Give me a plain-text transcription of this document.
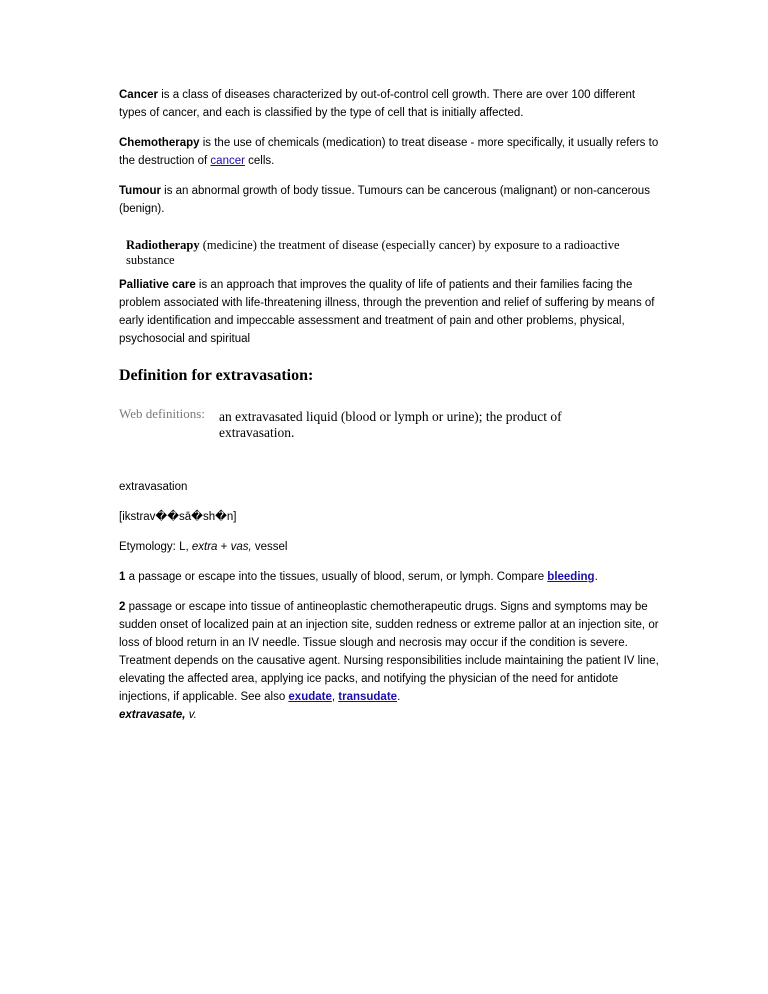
Cancer is a class of diseases characterized by out-of-control cell growth. There are over 100 different types of cancer, and each is classified by the type of cell that is initially affected.

Chemotherapy is the use of chemicals (medication) to treat disease - more specifically, it usually refers to the destruction of cancer cells.

Tumour is an abnormal growth of body tissue. Tumours can be cancerous (malignant) or non-cancerous (benign).

Radiotherapy (medicine) the treatment of disease (especially cancer) by exposure to a radioactive substance

Palliative care is an approach that improves the quality of life of patients and their families facing the problem associated with life-threatening illness, through the prevention and relief of suffering by means of early identification and impeccable assessment and treatment of pain and other problems, physical, psychosocial and spiritual

Definition for extravasation:
Web definitions: an extravasated liquid (blood or lymph or urine); the product of extravasation.

extravasation

[ikstrav��sā�sh�n]

Etymology: L, extra + vas, vessel

1 a passage or escape into the tissues, usually of blood, serum, or lymph. Compare bleeding.

2 passage or escape into tissue of antineoplastic chemotherapeutic drugs. Signs and symptoms may be sudden onset of localized pain at an injection site, sudden redness or extreme pallor at an injection site, or loss of blood return in an IV needle. Tissue slough and necrosis may occur if the condition is severe. Treatment depends on the causative agent. Nursing responsibilities include maintaining the patient IV line, elevating the affected area, applying ice packs, and notifying the physician of the need for antidote injections, if applicable. See also exudate, transudate.
extravasate, v.
